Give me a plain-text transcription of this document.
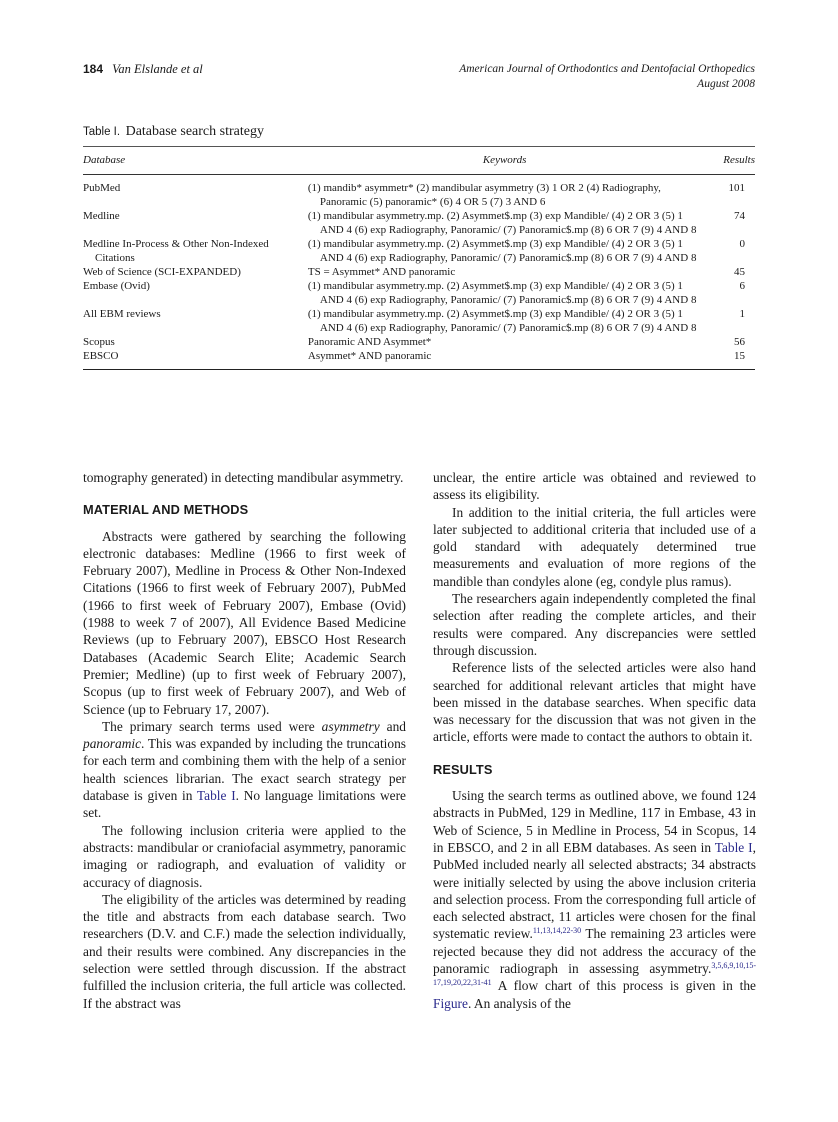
184 Van Elslande et al	American Journal of Orthodontics and Dentofacial Orthopedics
August 2008
Table I. Database search strategy
Database	Keywords	Results

PubMed	(1) mandib* asymmetr* (2) mandibular asymmetry (3) 1 OR 2 (4) Radiography, Panoramic (5) panoramic* (6) 4 OR 5 (7) 3 AND 6	101

Medline	(1) mandibular asymmetry.mp. (2) Asymmet$.mp (3) exp Mandible/ (4) 2 OR 3 (5) 1 AND 4 (6) exp Radiography, Panoramic/ (7) Panoramic$.mp (8) 6 OR 7 (9) 4 AND 8	74

Medline In-Process & Other Non-Indexed Citations	(1) mandibular asymmetry.mp. (2) Asymmet$.mp (3) exp Mandible/ (4) 2 OR 3 (5) 1 AND 4 (6) exp Radiography, Panoramic/ (7) Panoramic$.mp (8) 6 OR 7 (9) 4 AND 8	0

Web of Science (SCI-EXPANDED)	TS = Asymmet* AND panoramic	45

Embase (Ovid)	(1) mandibular asymmetry.mp. (2) Asymmet$.mp (3) exp Mandible/ (4) 2 OR 3 (5) 1 AND 4 (6) exp Radiography, Panoramic/ (7) Panoramic$.mp (8) 6 OR 7 (9) 4 AND 8	6

All EBM reviews	(1) mandibular asymmetry.mp. (2) Asymmet$.mp (3) exp Mandible/ (4) 2 OR 3 (5) 1 AND 4 (6) exp Radiography, Panoramic/ (7) Panoramic$.mp (8) 6 OR 7 (9) 4 AND 8	1

Scopus	Panoramic AND Asymmet*	56

EBSCO	Asymmet* AND panoramic	15

tomography generated) in detecting mandibular asymmetry.

MATERIAL AND METHODS

Abstracts were gathered by searching the following electronic databases: Medline (1966 to first week of February 2007), Medline in Process & Other Non-Indexed Citations (1966 to first week of February 2007), PubMed (1966 to first week of February 2007), Embase (Ovid) (1988 to week 7 of 2007), All Evidence Based Medicine Reviews (up to February 2007), EBSCO Host Research Databases (Academic Search Elite; Academic Search Premier; Medline) (up to first week of February 2007), Scopus (up to first week of February 2007), and Web of Science (up to February 17, 2007).

The primary search terms used were asymmetry and panoramic. This was expanded by including the truncations for each term and combining them with the help of a senior health sciences librarian. The exact search strategy per database is given in Table I. No language limitations were set.

The following inclusion criteria were applied to the abstracts: mandibular or craniofacial asymmetry, panoramic imaging or radiograph, and evaluation of validity or accuracy of diagnosis.

The eligibility of the articles was determined by reading the title and abstracts from each database search. Two researchers (D.V. and C.F.) made the selection individually, and their results were combined. Any discrepancies in the selection were settled through discussion. If the abstract fulfilled the inclusion criteria, the full article was collected. If the abstract was

unclear, the entire article was obtained and reviewed to assess its eligibility.

In addition to the initial criteria, the full articles were later subjected to additional criteria that included use of a gold standard with adequately determined true measurements and evaluation of more regions of the mandible than condyles alone (eg, condyle plus ramus).

The researchers again independently completed the final selection after reading the complete articles, and their results were compared. Any discrepancies were settled through discussion.

Reference lists of the selected articles were also hand searched for additional relevant articles that might have been missed in the database searches. When specific data was necessary for the discussion that was not given in the article, efforts were made to contact the authors to obtain it.

RESULTS

Using the search terms as outlined above, we found 124 abstracts in PubMed, 129 in Medline, 117 in Embase, 43 in Web of Science, 5 in Medline in Process, 54 in Scopus, 14 in EBSCO, and 2 in all EBM databases. As seen in Table I, PubMed included nearly all selected abstracts; 34 abstracts were initially selected by using the above inclusion criteria and selection process. From the corresponding full article of each selected abstract, 11 articles were chosen for the final systematic review.$^{11,13,14,22-30}$ The remaining 23 articles were rejected because they did not address the accuracy of the panoramic radiograph in assessing asymmetry.$^{3,5,6,9,10,15-17,19,20,22,31-41}$ A flow chart of this process is given in the Figure. An analysis of the
